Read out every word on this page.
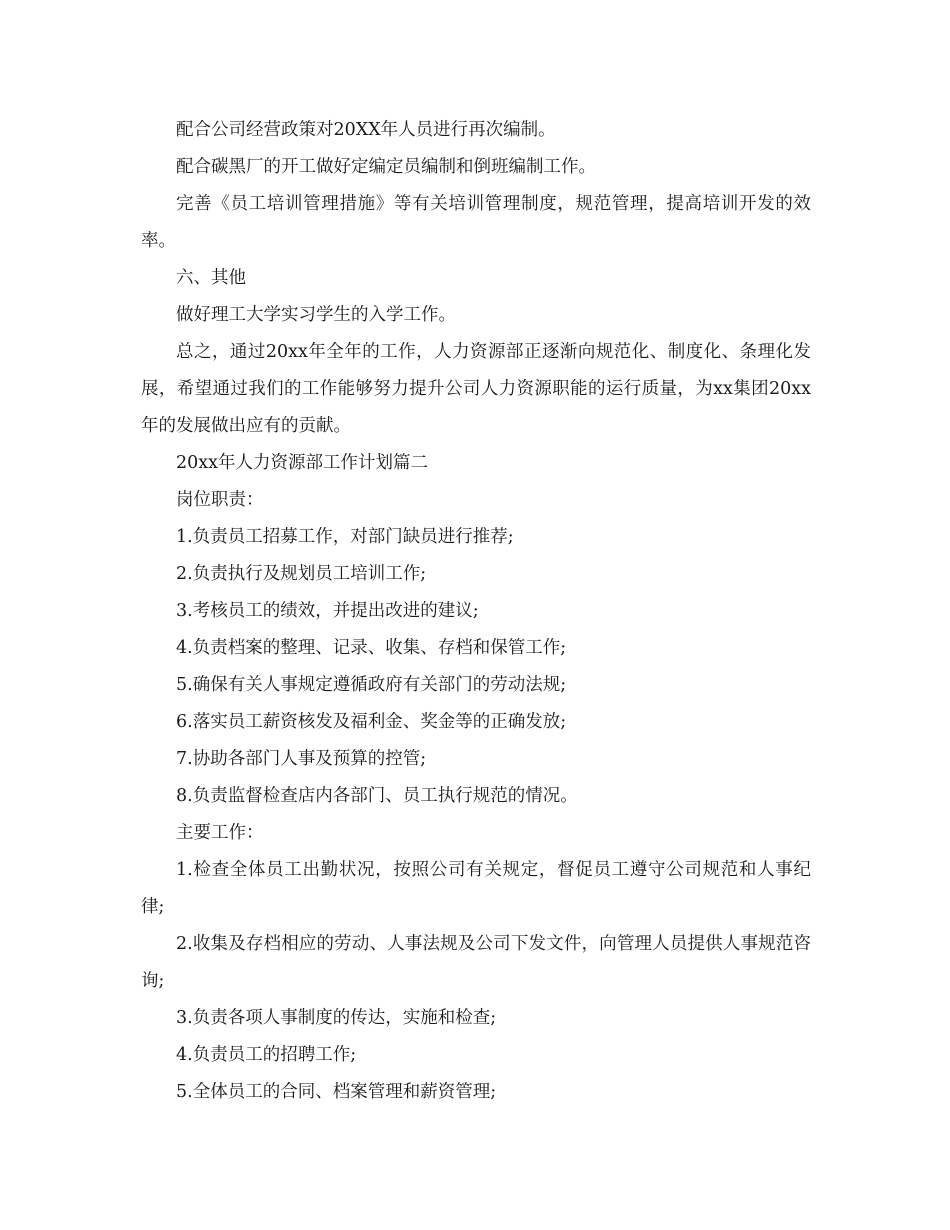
配合公司经营政策对20XX年人员进行再次编制。

配合碳黑厂的开工做好定编定员编制和倒班编制工作。

完善《员工培训管理措施》等有关培训管理制度，规范管理，提高培训开发的效率。

六、其他

做好理工大学实习学生的入学工作。

总之，通过20xx年全年的工作，人力资源部正逐渐向规范化、制度化、条理化发展，希望通过我们的工作能够努力提升公司人力资源职能的运行质量，为xx集团20xx年的发展做出应有的贡献。

20xx年人力资源部工作计划篇二

岗位职责：

1.负责员工招募工作，对部门缺员进行推荐;

2.负责执行及规划员工培训工作;

3.考核员工的绩效，并提出改进的建议;

4.负责档案的整理、记录、收集、存档和保管工作;

5.确保有关人事规定遵循政府有关部门的劳动法规;

6.落实员工薪资核发及福利金、奖金等的正确发放;

7.协助各部门人事及预算的控管;

8.负责监督检查店内各部门、员工执行规范的情况。

主要工作：

1.检查全体员工出勤状况，按照公司有关规定，督促员工遵守公司规范和人事纪律;

2.收集及存档相应的劳动、人事法规及公司下发文件，向管理人员提供人事规范咨询;

3.负责各项人事制度的传达，实施和检查;

4.负责员工的招聘工作;

5.全体员工的合同、档案管理和薪资管理;
